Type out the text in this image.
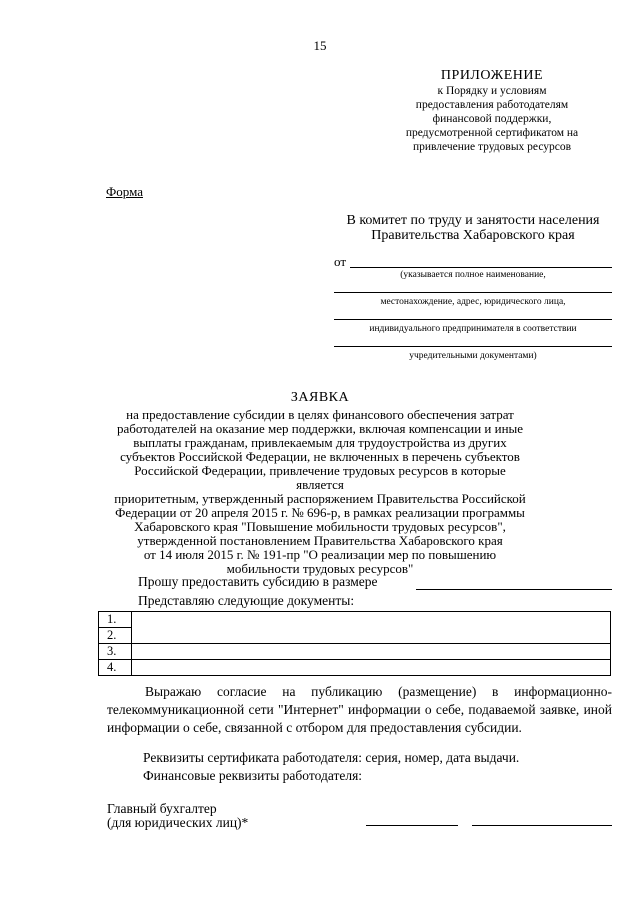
15
ПРИЛОЖЕНИЕ
к Порядку и условиям
предоставления работодателям
финансовой поддержки,
предусмотренной сертификатом на
привлечение трудовых ресурсов
Форма
В комитет по труду и занятости населения
Правительства Хабаровского края
от
(указывается полное наименование,
местонахождение, адрес, юридического лица,
индивидуального предпринимателя в соответствии
учредительными документами)
ЗАЯВКА
на предоставление субсидии в целях финансового обеспечения затрат
работодателей на оказание мер поддержки, включая компенсации и иные
выплаты гражданам, привлекаемым для трудоустройства из других
субъектов Российской Федерации, не включенных в перечень субъектов
Российской Федерации, привлечение трудовых ресурсов в которые является
приоритетным, утвержденный распоряжением Правительства Российской
Федерации от 20 апреля 2015 г. № 696-р, в рамках реализации программы
Хабаровского края "Повышение мобильности трудовых ресурсов",
утвержденной постановлением Правительства Хабаровского края
от 14 июля 2015 г. № 191-пр "О реализации мер по повышению
мобильности трудовых ресурсов"
Прошу предоставить субсидию в размере
Представляю следующие документы:
1.	
2.	
3.	
4.	
Выражаю согласие на публикацию (размещение) в информационно-телекоммуникационной сети "Интернет" информации о себе, подаваемой заявке, иной информации о себе, связанной с отбором для предоставления субсидии.
Реквизиты сертификата работодателя: серия, номер, дата выдачи.
Финансовые реквизиты работодателя:
Главный бухгалтер
(для юридических лиц)*
